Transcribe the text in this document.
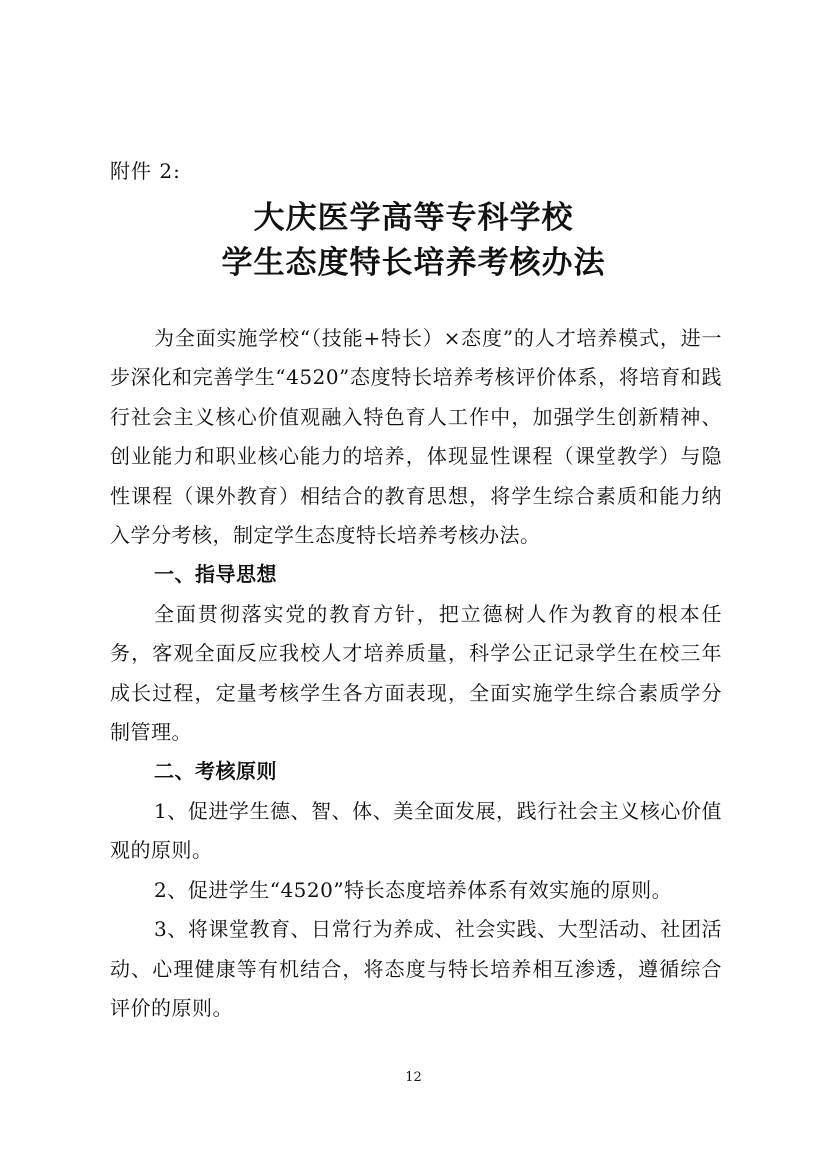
附件 2:
大庆医学高等专科学校
学生态度特长培养考核办法

为全面实施学校“（技能+特长）×态度”的人才培养模式，进一步深化和完善学生“4520”态度特长培养考核评价体系，将培育和践行社会主义核心价值观融入特色育人工作中，加强学生创新精神、创业能力和职业核心能力的培养，体现显性课程（课堂教学）与隐性课程（课外教育）相结合的教育思想，将学生综合素质和能力纳入学分考核，制定学生态度特长培养考核办法。

一、指导思想

全面贯彻落实党的教育方针，把立德树人作为教育的根本任务，客观全面反应我校人才培养质量，科学公正记录学生在校三年成长过程，定量考核学生各方面表现，全面实施学生综合素质学分制管理。

二、考核原则

1、促进学生德、智、体、美全面发展，践行社会主义核心价值观的原则。

2、促进学生“4520”特长态度培养体系有效实施的原则。

3、将课堂教育、日常行为养成、社会实践、大型活动、社团活动、心理健康等有机结合，将态度与特长培养相互渗透，遵循综合评价的原则。

12
